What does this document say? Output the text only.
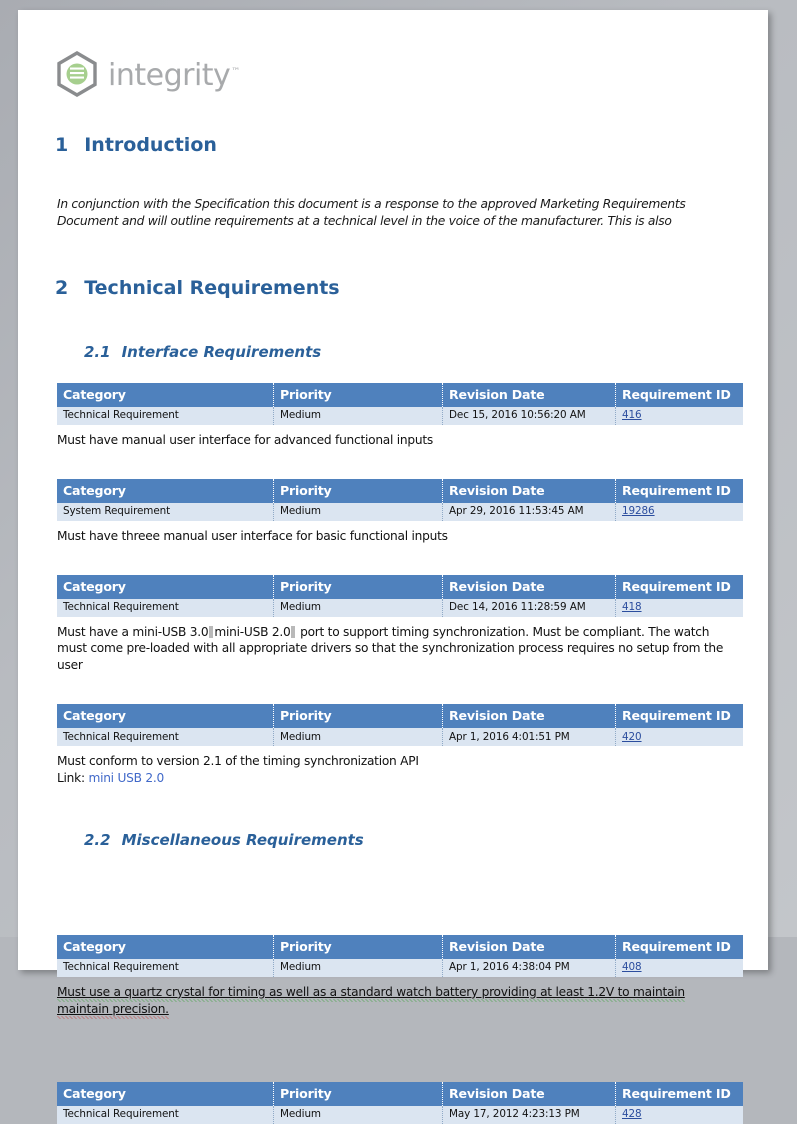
integrity™
1 Introduction

In conjunction with the Specification this document is a response to the approved Marketing Requirements Document and will outline requirements at a technical level in the voice of the manufacturer. This is also

2 Technical Requirements
2.1 Interface Requirements
Category	Priority	Revision Date	Requirement ID
Technical Requirement	Medium	Dec 15, 2016 10:56:20 AM	416

Must have manual user interface for advanced functional inputs

Category	Priority	Revision Date	Requirement ID
System Requirement	Medium	Apr 29, 2016 11:53:45 AM	19286

Must have threee manual user interface for basic functional inputs

Category	Priority	Revision Date	Requirement ID
Technical Requirement	Medium	Dec 14, 2016 11:28:59 AM	418

Must have a mini-USB 3.0 mini-USB 2.0 port to support timing synchronization. Must be compliant. The watch must come pre-loaded with all appropriate drivers so that the synchronization process requires no setup from the user

Category	Priority	Revision Date	Requirement ID
Technical Requirement	Medium	Apr 1, 2016 4:01:51 PM	420

Must conform to version 2.1 of the timing synchronization API

Link: mini USB 2.0

2.2 Miscellaneous Requirements
Category	Priority	Revision Date	Requirement ID
Technical Requirement	Medium	Apr 1, 2016 4:38:04 PM	408

Must use a quartz crystal for timing as well as a standard watch battery providing at least 1.2V to maintain
maintain precision.

Category	Priority	Revision Date	Requirement ID
Technical Requirement	Medium	May 17, 2012 4:23:13 PM	428
